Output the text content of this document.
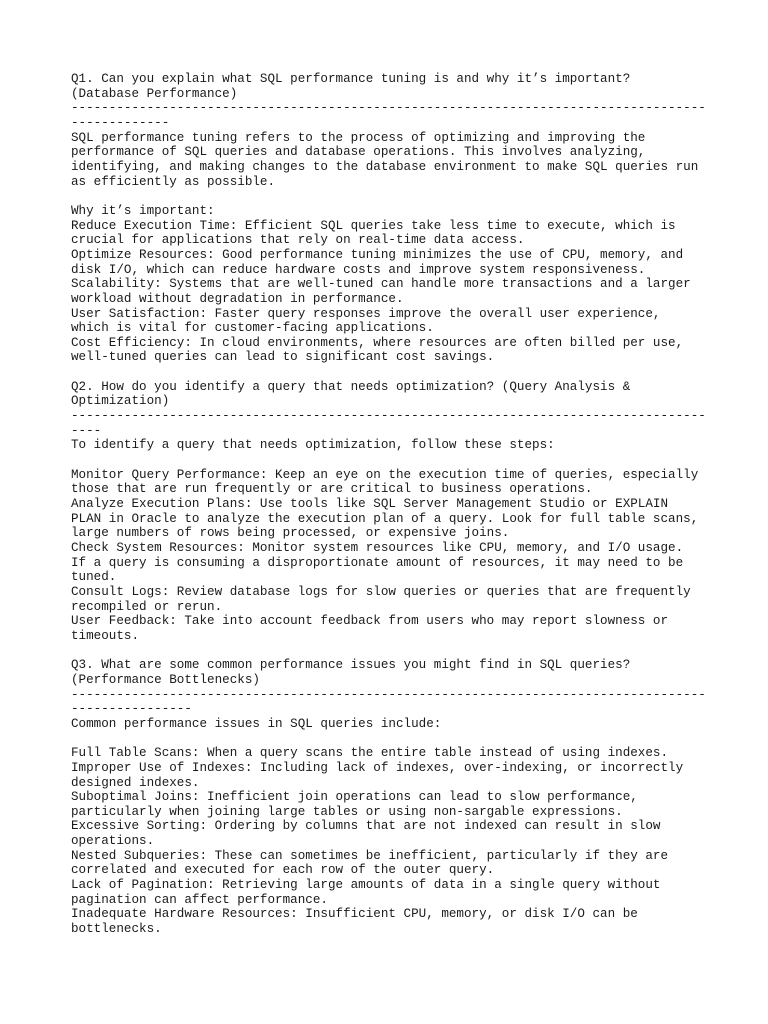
Q1. Can you explain what SQL performance tuning is and why it’s important?
(Database Performance)
------------------------------------------------------------------------------------
-------------
SQL performance tuning refers to the process of optimizing and improving the
performance of SQL queries and database operations. This involves analyzing,
identifying, and making changes to the database environment to make SQL queries run
as efficiently as possible.
Why it’s important:
Reduce Execution Time: Efficient SQL queries take less time to execute, which is
crucial for applications that rely on real-time data access.
Optimize Resources: Good performance tuning minimizes the use of CPU, memory, and
disk I/O, which can reduce hardware costs and improve system responsiveness.
Scalability: Systems that are well-tuned can handle more transactions and a larger
workload without degradation in performance.
User Satisfaction: Faster query responses improve the overall user experience,
which is vital for customer-facing applications.
Cost Efficiency: In cloud environments, where resources are often billed per use,
well-tuned queries can lead to significant cost savings.
Q2. How do you identify a query that needs optimization? (Query Analysis &
Optimization)
------------------------------------------------------------------------------------
----
To identify a query that needs optimization, follow these steps:
Monitor Query Performance: Keep an eye on the execution time of queries, especially
those that are run frequently or are critical to business operations.
Analyze Execution Plans: Use tools like SQL Server Management Studio or EXPLAIN
PLAN in Oracle to analyze the execution plan of a query. Look for full table scans,
large numbers of rows being processed, or expensive joins.
Check System Resources: Monitor system resources like CPU, memory, and I/O usage.
If a query is consuming a disproportionate amount of resources, it may need to be
tuned.
Consult Logs: Review database logs for slow queries or queries that are frequently
recompiled or rerun.
User Feedback: Take into account feedback from users who may report slowness or
timeouts.
Q3. What are some common performance issues you might find in SQL queries?
(Performance Bottlenecks)
------------------------------------------------------------------------------------
----------------
Common performance issues in SQL queries include:
Full Table Scans: When a query scans the entire table instead of using indexes.
Improper Use of Indexes: Including lack of indexes, over-indexing, or incorrectly
designed indexes.
Suboptimal Joins: Inefficient join operations can lead to slow performance,
particularly when joining large tables or using non-sargable expressions.
Excessive Sorting: Ordering by columns that are not indexed can result in slow
operations.
Nested Subqueries: These can sometimes be inefficient, particularly if they are
correlated and executed for each row of the outer query.
Lack of Pagination: Retrieving large amounts of data in a single query without
pagination can affect performance.
Inadequate Hardware Resources: Insufficient CPU, memory, or disk I/O can be
bottlenecks.
